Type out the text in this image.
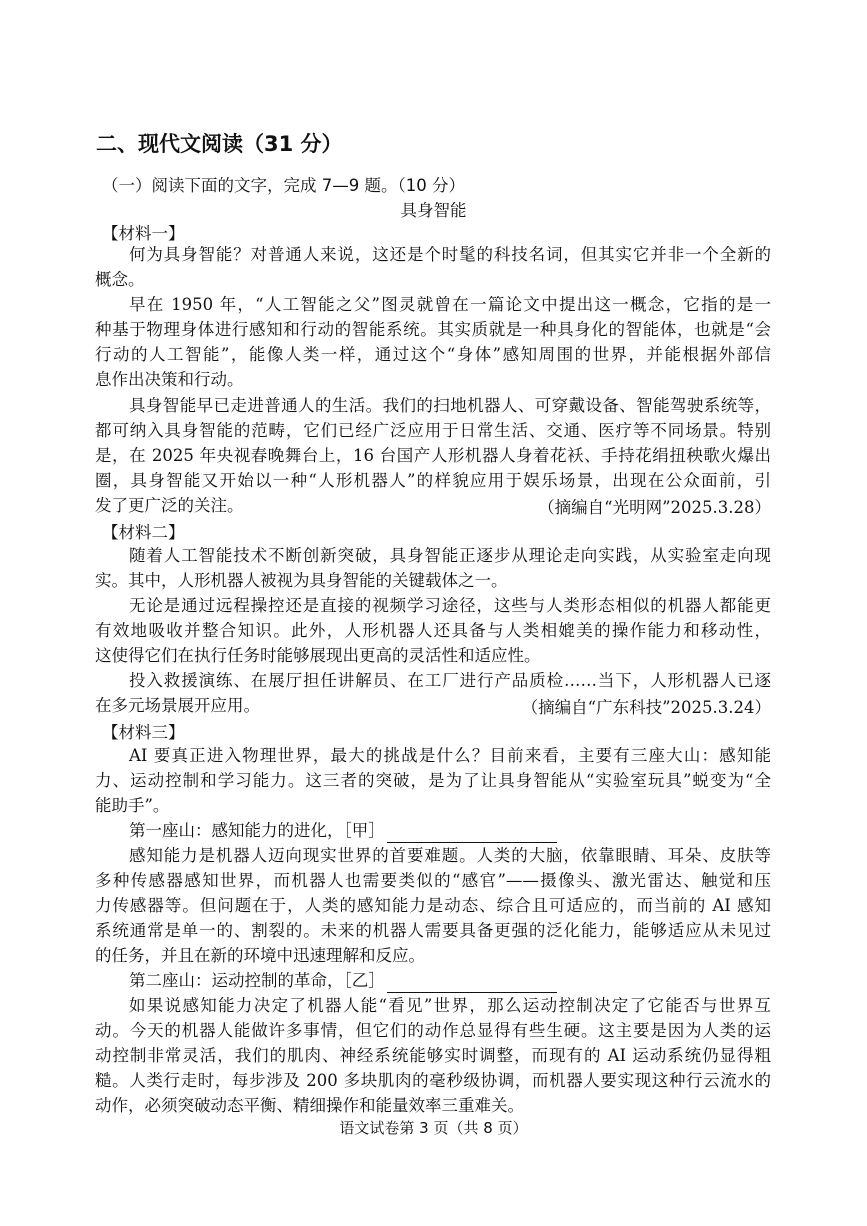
二、现代文阅读（31 分）
（一）阅读下面的文字，完成 7—9 题。（10 分）
具身智能
【材料一】
何为具身智能？对普通人来说，这还是个时髦的科技名词，但其实它并非一个全新的
概念。
早在 1950 年，“人工智能之父”图灵就曾在一篇论文中提出这一概念，它指的是一
种基于物理身体进行感知和行动的智能系统。其实质就是一种具身化的智能体，也就是“会
行动的人工智能”，能像人类一样，通过这个“身体”感知周围的世界，并能根据外部信
息作出决策和行动。
具身智能早已走进普通人的生活。我们的扫地机器人、可穿戴设备、智能驾驶系统等，
都可纳入具身智能的范畴，它们已经广泛应用于日常生活、交通、医疗等不同场景。特别
是，在 2025 年央视春晚舞台上，16 台国产人形机器人身着花袄、手持花绢扭秧歌火爆出
圈，具身智能又开始以一种“人形机器人”的样貌应用于娱乐场景，出现在公众面前，引
发了更广泛的关注。	（摘编自“光明网”2025.3.28）
【材料二】
随着人工智能技术不断创新突破，具身智能正逐步从理论走向实践，从实验室走向现
实。其中，人形机器人被视为具身智能的关键载体之一。
无论是通过远程操控还是直接的视频学习途径，这些与人类形态相似的机器人都能更
有效地吸收并整合知识。此外，人形机器人还具备与人类相媲美的操作能力和移动性，
这使得它们在执行任务时能够展现出更高的灵活性和适应性。
投入救援演练、在展厅担任讲解员、在工厂进行产品质检……当下，人形机器人已逐
在多元场景展开应用。	（摘编自“广东科技”2025.3.24）
【材料三】
AI 要真正进入物理世界，最大的挑战是什么？目前来看，主要有三座大山：感知能
力、运动控制和学习能力。这三者的突破，是为了让具身智能从“实验室玩具”蜕变为“全
能助手”。
第一座山：感知能力的进化，［甲］
感知能力是机器人迈向现实世界的首要难题。人类的大脑，依靠眼睛、耳朵、皮肤等
多种传感器感知世界，而机器人也需要类似的“感官”——摄像头、激光雷达、触觉和压
力传感器等。但问题在于，人类的感知能力是动态、综合且可适应的，而当前的 AI 感知
系统通常是单一的、割裂的。未来的机器人需要具备更强的泛化能力，能够适应从未见过
的任务，并且在新的环境中迅速理解和反应。
第二座山：运动控制的革命，［乙］
如果说感知能力决定了机器人能“看见”世界，那么运动控制决定了它能否与世界互
动。今天的机器人能做许多事情，但它们的动作总显得有些生硬。这主要是因为人类的运
动控制非常灵活，我们的肌肉、神经系统能够实时调整，而现有的 AI 运动系统仍显得粗
糙。人类行走时，每步涉及 200 多块肌肉的毫秒级协调，而机器人要实现这种行云流水的
动作，必须突破动态平衡、精细操作和能量效率三重难关。
语文试卷第 3 页（共 8 页）
